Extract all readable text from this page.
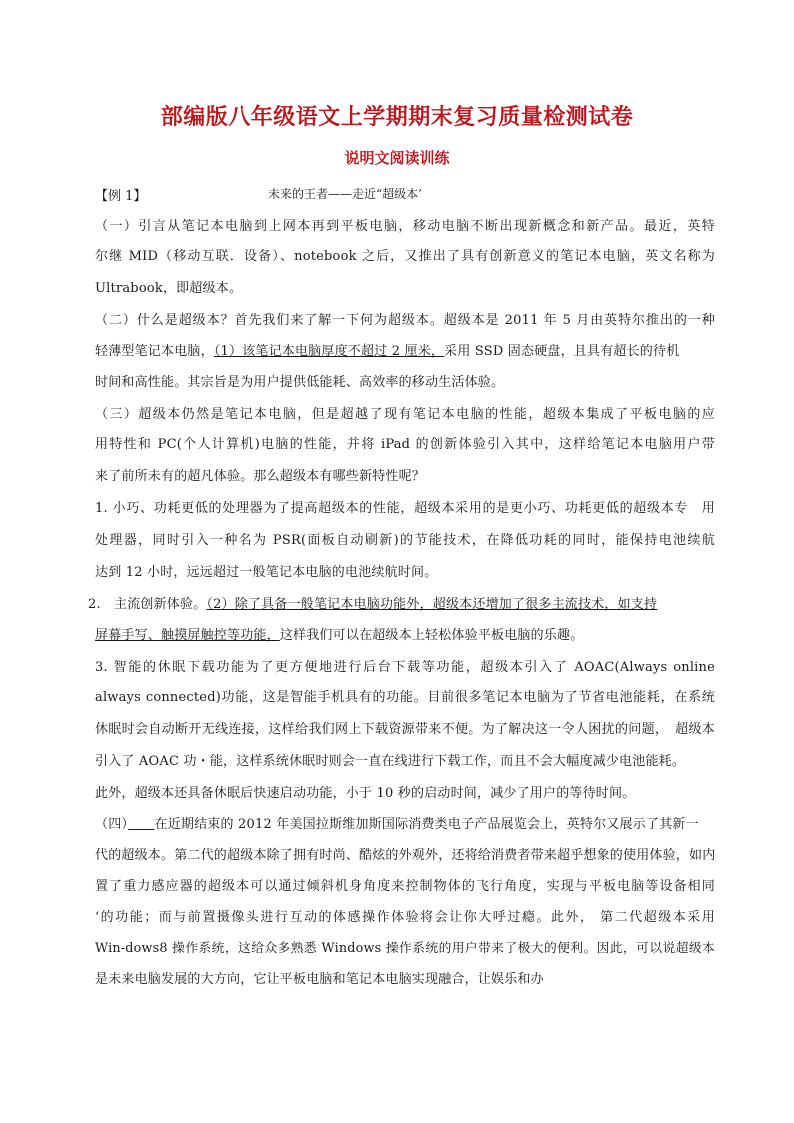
部编版八年级语文上学期期末复习质量检测试卷
说明文阅读训练
【例 1】	未来的王者——走近“超级本’
（一）引言从笔记本电脑到上网本再到平板电脑，移动电脑不断出现新概念和新产品。最近，英特
尔继 MID（移动互联．设备）、notebook 之后，又推出了具有创新意义的笔记本电脑，英文名称为
Ultrabook，即超级本。
（二）什么是超级本？首先我们来了解一下何为超级本。超级本是 2011 年 5 月由英特尔推出的一种
轻薄型笔记本电脑，（1）该笔记本电脑厚度不超过 2 厘米，采用 SSD 固态硬盘，且具有超长的待机
时间和高性能。其宗旨是为用户提供低能耗、高效率的移动生活体验。
（三）超级本仍然是笔记本电脑，但是超越了现有笔记本电脑的性能，超级本集成了平板电脑的应
用特性和 PC(个人计算机)电脑的性能，并将 iPad 的创新体验引入其中，这样给笔记本电脑用户带
来了前所未有的超凡体验。那么超级本有哪些新特性呢？
1. 小巧、功耗更低的处理器为了提高超级本的性能，超级本采用的是更小巧、功耗更低的超级本专　用
处理器，同时引入一种名为 PSR(面板自动刷新)的节能技术，在降低功耗的同时，能保持电池续航
达到 12 小时，远远超过一般笔记本电脑的电池续航时间。
2.　主流创新体验。（2）除了具备一般笔记本电脑功能外，超级本还增加了很多主流技术，如支持
屏幕手写、触摸屏触控等功能，这样我们可以在超级本上轻松体验平板电脑的乐趣。
3. 智能的休眠下载功能为了更方便地进行后台下载等功能，超级本引入了 AOAC(Always online
always connected)功能，这是智能手机具有的功能。目前很多笔记本电脑为了节省电池能耗，在系统
休眠时会自动断开无线连接，这样给我们网上下载资源带来不便。为了解决这一令人困扰的问题，　超级本
引入了 AOAC 功・能，这样系统休眠时则会一直在线进行下载工作，而且不会大幅度减少电池能耗。
此外，超级本还具备休眠后快速启动功能，小于 10 秒的启动时间，减少了用户的等待时间。
（四）　　 在近期结束的 2012 年美国拉斯维加斯国际消费类电子产品展览会上，英特尔又展示了其新一
代的超级本。第二代的超级本除了拥有时尚、酷炫的外观外，还将给消费者带来超乎想象的使用体验，如内
置了重力感应器的超级本可以通过倾斜机身角度来控制物体的飞行角度，实现与平板电脑等设备相同
‘的功能；而与前置摄像头进行互动的体感操作体验将会让你大呼过瘾。此外， 第二代超级本采用
Win-dows8 操作系统，这给众多熟悉 Windows 操作系统的用户带来了极大的便利。因此，可以说超级本
是未来电脑发展的大方向，它让平板电脑和笔记本电脑实现融合，让娱乐和办
